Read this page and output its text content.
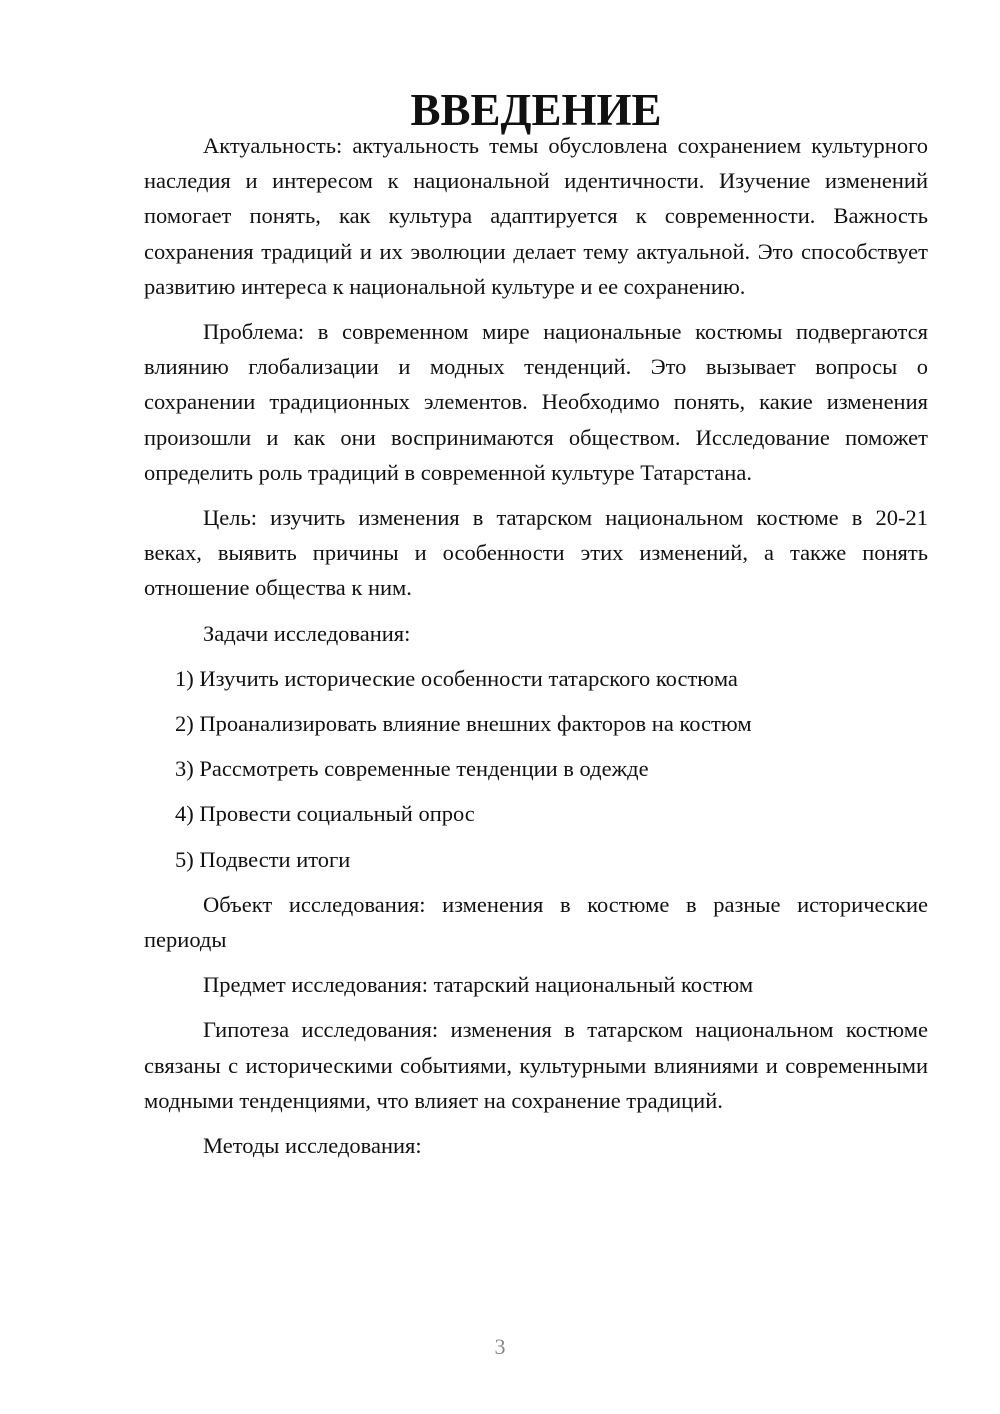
ВВЕДЕНИЕ

Актуальность: актуальность темы обусловлена сохранением культурного наследия и интересом к национальной идентичности. Изучение изменений помогает понять, как культура адаптируется к современности. Важность сохранения традиций и их эволюции делает тему актуальной. Это способствует развитию интереса к национальной культуре и ее сохранению.

Проблема: в современном мире национальные костюмы подвергаются влиянию глобализации и модных тенденций. Это вызывает вопросы о сохранении традиционных элементов. Необходимо понять, какие изменения произошли и как они воспринимаются обществом. Исследование поможет определить роль традиций в современной культуре Татарстана.

Цель: изучить изменения в татарском национальном костюме в 20-21 веках, выявить причины и особенности этих изменений, а также понять отношение общества к ним.

Задачи исследования:

1) Изучить исторические особенности татарского костюма
2) Проанализировать влияние внешних факторов на костюм
3) Рассмотреть современные тенденции в одежде
4) Провести социальный опрос
5) Подвести итоги

Объект исследования: изменения в костюме в разные исторические периоды

Предмет исследования: татарский национальный костюм

Гипотеза исследования: изменения в татарском национальном костюме связаны с историческими событиями, культурными влияниями и современными модными тенденциями, что влияет на сохранение традиций.

Методы исследования:

3
